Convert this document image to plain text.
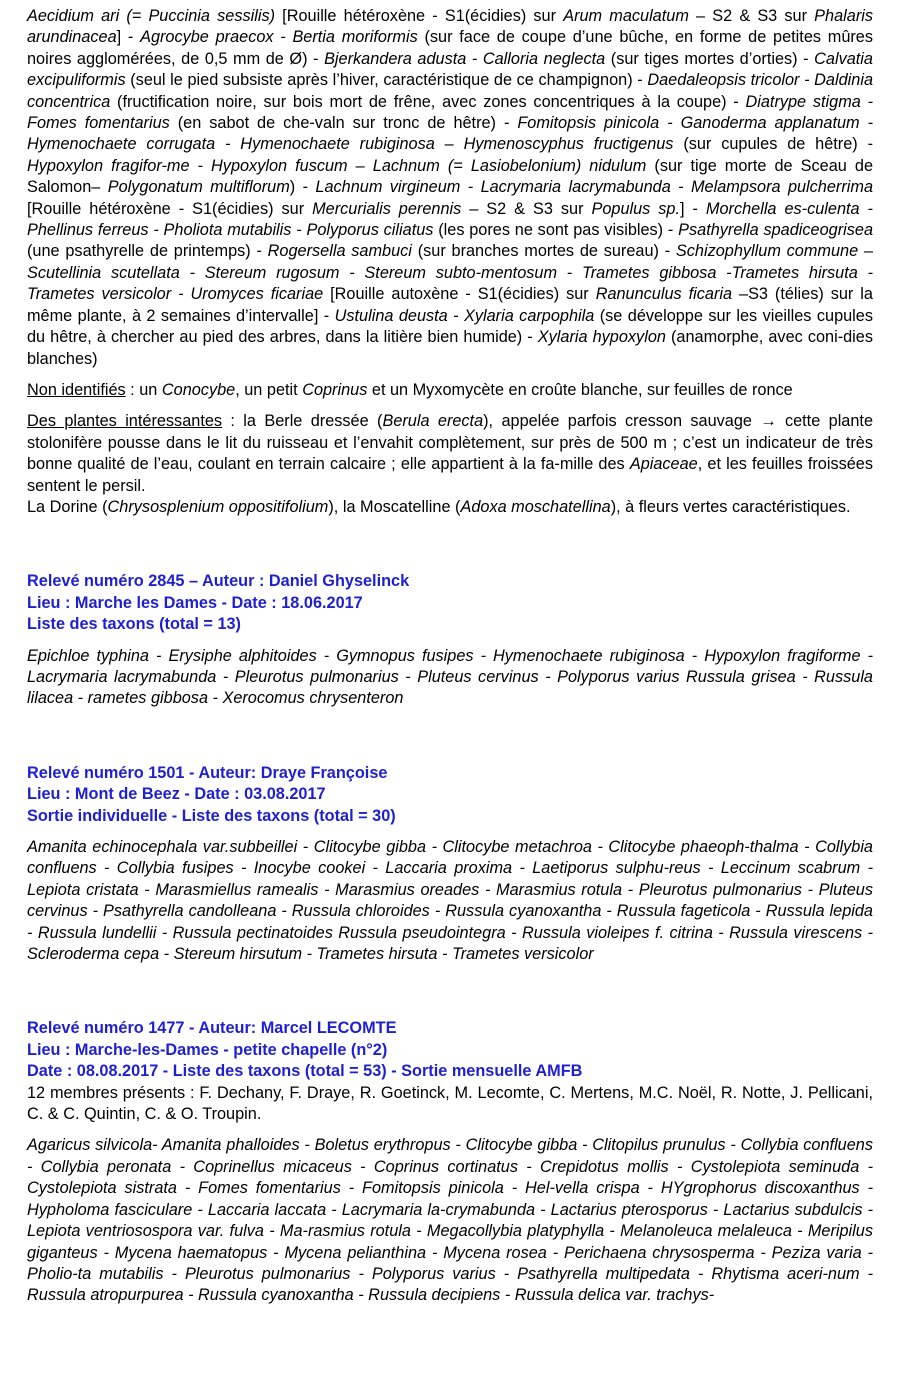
Aecidium ari (= Puccinia sessilis) [Rouille hétéroxène - S1(écidies) sur Arum maculatum – S2 & S3 sur Phalaris arundinacea] - Agrocybe praecox - Bertia moriformis (sur face de coupe d’une bûche, en forme de petites mûres noires agglomérées, de 0,5 mm de Ø) - Bjerkandera adusta - Calloria neglecta (sur tiges mortes d’orties) - Calvatia excipuliformis (seul le pied subsiste après l’hiver, caractéristique de ce champignon) - Daedaleopsis tricolor - Daldinia concentrica (fructification noire, sur bois mort de frêne, avec zones concentriques à la coupe) - Diatrype stigma - Fomes fomentarius (en sabot de che-valn sur tronc de hêtre) - Fomitopsis pinicola - Ganoderma applanatum - Hymenochaete corrugata - Hymenochaete rubiginosa – Hymenoscyphus fructigenus (sur cupules de hêtre) - Hypoxylon fragifor-me - Hypoxylon fuscum – Lachnum (= Lasiobelonium) nidulum (sur tige morte de Sceau de Salomon– Polygonatum multiflorum) - Lachnum virgineum - Lacrymaria lacrymabunda - Melampsora pulcherrima [Rouille hétéroxène - S1(écidies) sur Mercurialis perennis – S2 & S3 sur Populus sp.] - Morchella es-culenta - Phellinus ferreus - Pholiota mutabilis - Polyporus ciliatus (les pores ne sont pas visibles) - Psathyrella spadiceogrisea (une psathyrelle de printemps) - Rogersella sambuci (sur branches mortes de sureau) - Schizophyllum commune – Scutellinia scutellata - Stereum rugosum - Stereum subto-mentosum - Trametes gibbosa -Trametes hirsuta - Trametes versicolor - Uromyces ficariae [Rouille autoxène - S1(écidies) sur Ranunculus ficaria –S3 (télies) sur la même plante, à 2 semaines d’intervalle] - Ustulina deusta - Xylaria carpophila (se développe sur les vieilles cupules du hêtre, à chercher au pied des arbres, dans la litière bien humide) - Xylaria hypoxylon (anamorphe, avec coni-dies blanches)

Non identifiés : un Conocybe, un petit Coprinus et un Myxomycète en croûte blanche, sur feuilles de ronce

Des plantes intéressantes : la Berle dressée (Berula erecta), appelée parfois cresson sauvage → cette plante stolonifère pousse dans le lit du ruisseau et l’envahit complètement, sur près de 500 m ; c’est un indicateur de très bonne qualité de l’eau, coulant en terrain calcaire ; elle appartient à la fa-mille des Apiaceae, et les feuilles froissées sentent le persil.

La Dorine (Chrysosplenium oppositifolium), la Moscatelline (Adoxa moschatellina), à fleurs vertes caractéristiques.

Relevé numéro 2845 – Auteur : Daniel Ghyselinck
Lieu : Marche les Dames - Date : 18.06.2017
Liste des taxons (total = 13)

Epichloe typhina - Erysiphe alphitoides - Gymnopus fusipes - Hymenochaete rubiginosa - Hypoxylon fragiforme - Lacrymaria lacrymabunda - Pleurotus pulmonarius - Pluteus cervinus - Polyporus varius Russula grisea - Russula lilacea - rametes gibbosa - Xerocomus chrysenteron

Relevé numéro 1501 - Auteur: Draye Françoise
Lieu : Mont de Beez - Date : 03.08.2017
Sortie individuelle - Liste des taxons (total = 30)

Amanita echinocephala var.subbeillei - Clitocybe gibba - Clitocybe metachroa - Clitocybe phaeoph-thalma - Collybia confluens - Collybia fusipes - Inocybe cookei - Laccaria proxima - Laetiporus sulphu-reus - Leccinum scabrum - Lepiota cristata - Marasmiellus ramealis - Marasmius oreades - Marasmius rotula - Pleurotus pulmonarius - Pluteus cervinus - Psathyrella candolleana - Russula chloroides - Russula cyanoxantha - Russula fageticola - Russula lepida - Russula lundellii - Russula pectinatoides Russula pseudointegra - Russula violeipes f. citrina - Russula virescens - Scleroderma cepa - Stereum hirsutum - Trametes hirsuta - Trametes versicolor

Relevé numéro 1477 - Auteur: Marcel LECOMTE
Lieu : Marche-les-Dames - petite chapelle (n°2)
Date : 08.08.2017 - Liste des taxons (total = 53) - Sortie mensuelle AMFB

12 membres présents : F. Dechany, F. Draye, R. Goetinck, M. Lecomte, C. Mertens, M.C. Noël, R. Notte, J. Pellicani, C. & C. Quintin, C. & O. Troupin.

Agaricus silvicola- Amanita phalloides - Boletus erythropus - Clitocybe gibba - Clitopilus prunulus - Collybia confluens - Collybia peronata - Coprinellus micaceus - Coprinus cortinatus - Crepidotus mollis - Cystolepiota seminuda - Cystolepiota sistrata - Fomes fomentarius - Fomitopsis pinicola - Hel-vella crispa - HYgrophorus discoxanthus - Hypholoma fasciculare - Laccaria laccata - Lacrymaria la-crymabunda - Lactarius pterosporus - Lactarius subdulcis - Lepiota ventriosospora var. fulva - Ma-rasmius rotula - Megacollybia platyphylla - Melanoleuca melaleuca - Meripilus giganteus - Mycena haematopus - Mycena pelianthina - Mycena rosea - Perichaena chrysosperma - Peziza varia - Pholio-ta mutabilis - Pleurotus pulmonarius - Polyporus varius - Psathyrella multipedata - Rhytisma aceri-num - Russula atropurpurea - Russula cyanoxantha - Russula decipiens - Russula delica var. trachys-
